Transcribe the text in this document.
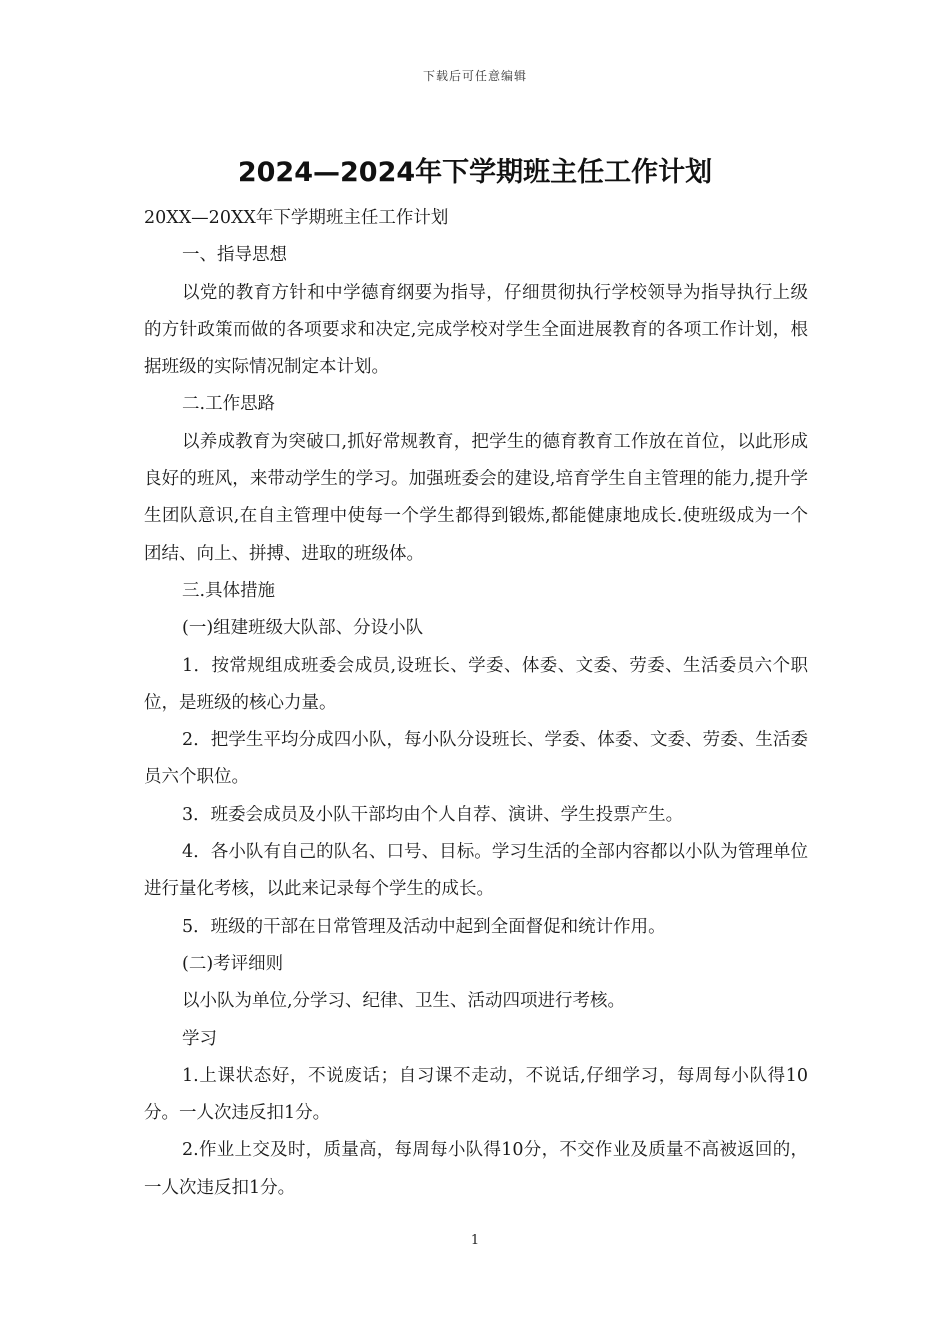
下载后可任意编辑
2024—2024年下学期班主任工作计划

20XX—20XX年下学期班主任工作计划

一、指导思想

以党的教育方针和中学德育纲要为指导，仔细贯彻执行学校领导为指导执行上级的方针政策而做的各项要求和决定,完成学校对学生全面进展教育的各项工作计划，根据班级的实际情况制定本计划。

二.工作思路

以养成教育为突破口,抓好常规教育，把学生的德育教育工作放在首位，以此形成良好的班风，来带动学生的学习。加强班委会的建设,培育学生自主管理的能力,提升学生团队意识,在自主管理中使每一个学生都得到锻炼,都能健康地成长.使班级成为一个团结、向上、拼搏、进取的班级体。

三.具体措施

(一)组建班级大队部、分设小队

1．按常规组成班委会成员,设班长、学委、体委、文委、劳委、生活委员六个职位，是班级的核心力量。

2．把学生平均分成四小队，每小队分设班长、学委、体委、文委、劳委、生活委员六个职位。

3．班委会成员及小队干部均由个人自荐、演讲、学生投票产生。

4．各小队有自己的队名、口号、目标。学习生活的全部内容都以小队为管理单位进行量化考核，以此来记录每个学生的成长。

5．班级的干部在日常管理及活动中起到全面督促和统计作用。

(二)考评细则

以小队为单位,分学习、纪律、卫生、活动四项进行考核。

学习

1.上课状态好，不说废话；自习课不走动，不说话,仔细学习，每周每小队得10分。一人次违反扣1分。

2.作业上交及时，质量高，每周每小队得10分，不交作业及质量不高被返回的，一人次违反扣1分。

1
